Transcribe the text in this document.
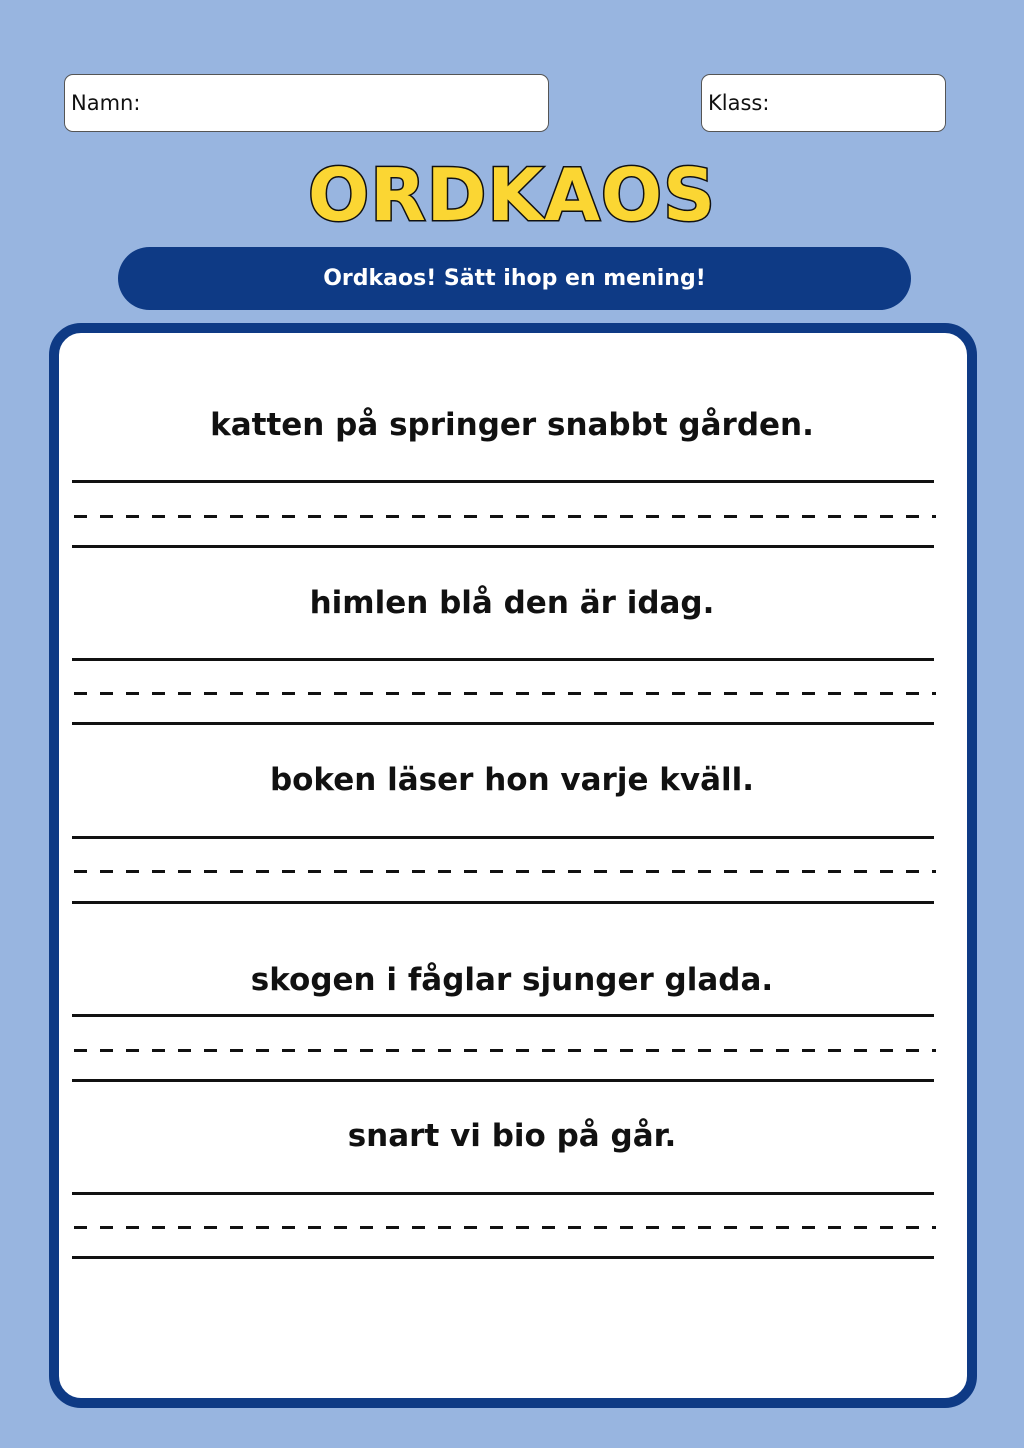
Namn:	Klass:
ORDKAOS
Ordkaos! Sätt ihop en mening!
katten på springer snabbt gården.
himlen blå den är idag.
boken läser hon varje kväll.
skogen i fåglar sjunger glada.
snart vi bio på går.
